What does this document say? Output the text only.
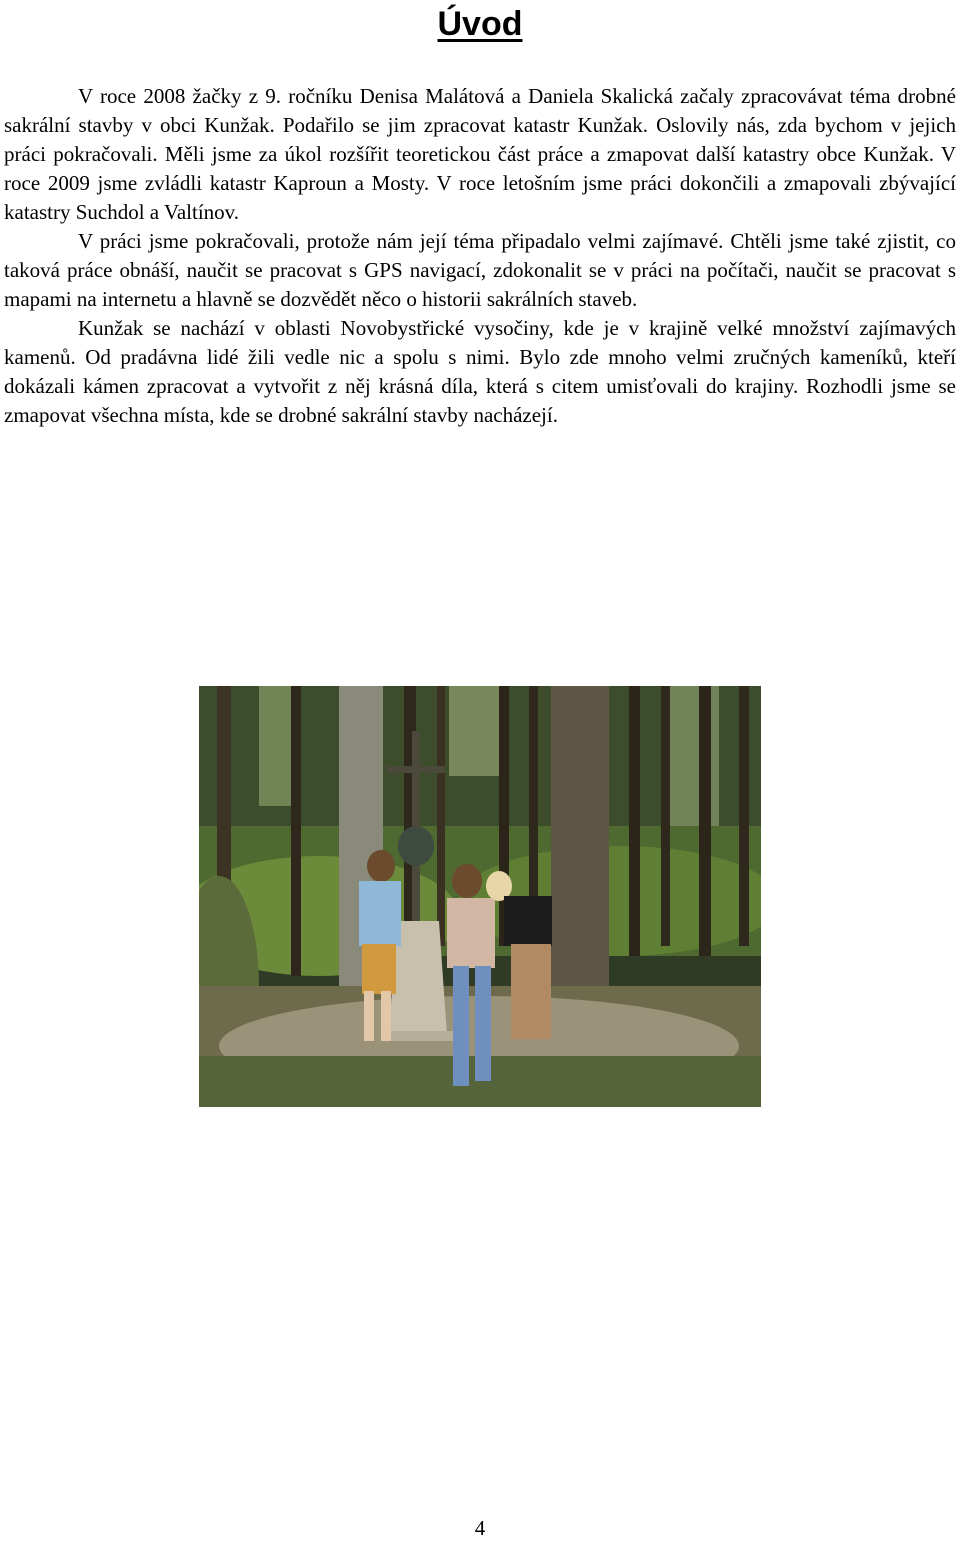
Úvod

V roce 2008 žačky z 9. ročníku Denisa Malátová a Daniela Skalická začaly zpracovávat téma drobné sakrální stavby v obci Kunžak. Podařilo se jim zpracovat katastr Kunžak. Oslovily nás, zda bychom v jejich práci pokračovali. Měli jsme za úkol rozšířit teoretickou část práce a zmapovat další katastry obce Kunžak. V roce 2009 jsme zvládli katastr Kaproun a Mosty. V roce letošním jsme práci dokončili a zmapovali zbývající katastry Suchdol a Valtínov.

V práci jsme pokračovali, protože nám její téma připadalo velmi zajímavé. Chtěli jsme také zjistit, co taková práce obnáší, naučit se pracovat s GPS navigací, zdokonalit se v práci na počítači, naučit se pracovat s mapami na internetu a hlavně se dozvědět něco o historii sakrálních staveb.

Kunžak se nachází v oblasti Novobystřické vysočiny, kde je v krajině velké množství zajímavých kamenů. Od pradávna lidé žili vedle nic a spolu s nimi. Bylo zde mnoho velmi zručných kameníků, kteří dokázali kámen zpracovat a vytvořit z něj krásná díla, která s citem umisťovali do krajiny. Rozhodli jsme se zmapovat všechna místa, kde se drobné sakrální stavby nacházejí.

4
